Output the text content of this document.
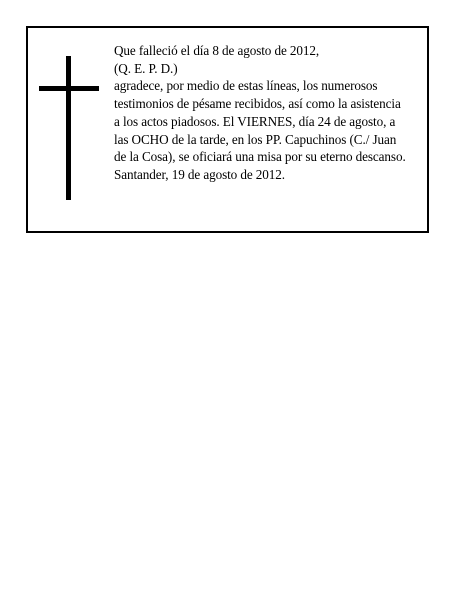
Que falleció el día 8 de agosto de 2012,
(Q. E. P. D.)
agradece, por medio de estas líneas, los numerosos
testimonios de pésame recibidos, así como la asistencia
a los actos piadosos. El VIERNES, día 24 de agosto, a
las OCHO de la tarde, en los PP. Capuchinos (C./ Juan
de la Cosa), se oficiará una misa por su eterno descanso.
Santander, 19 de agosto de 2012.
